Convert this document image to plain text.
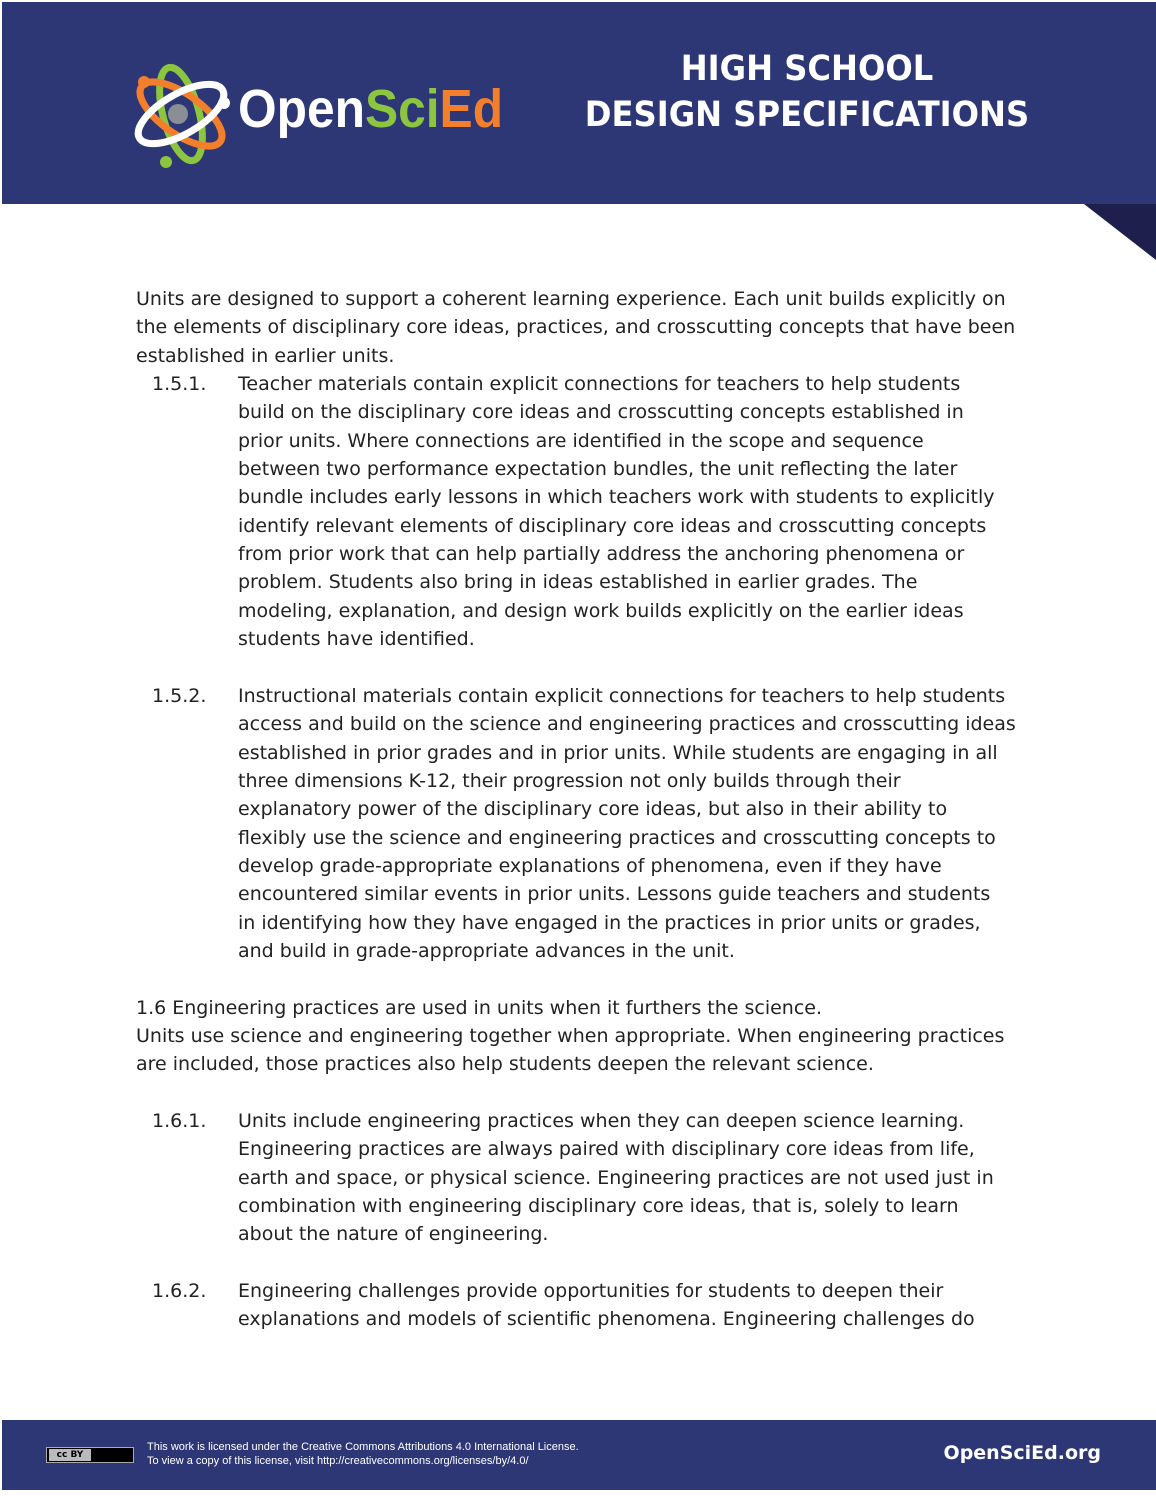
OpenSciEd
HIGH SCHOOL
DESIGN SPECIFICATIONS
Units are designed to support a coherent learning experience. Each unit builds explicitly on
the elements of disciplinary core ideas, practices, and crosscutting concepts that have been
established in earlier units.
1.5.1.	Teacher materials contain explicit connections for teachers to help students
build on the disciplinary core ideas and crosscutting concepts established in
prior units. Where connections are identified in the scope and sequence
between two performance expectation bundles, the unit reflecting the later
bundle includes early lessons in which teachers work with students to explicitly
identify relevant elements of disciplinary core ideas and crosscutting concepts
from prior work that can help partially address the anchoring phenomena or
problem. Students also bring in ideas established in earlier grades. The
modeling, explanation, and design work builds explicitly on the earlier ideas
students have identified.
1.5.2.	Instructional materials contain explicit connections for teachers to help students
access and build on the science and engineering practices and crosscutting ideas
established in prior grades and in prior units. While students are engaging in all
three dimensions K-12, their progression not only builds through their
explanatory power of the disciplinary core ideas, but also in their ability to
flexibly use the science and engineering practices and crosscutting concepts to
develop grade-appropriate explanations of phenomena, even if they have
encountered similar events in prior units. Lessons guide teachers and students
in identifying how they have engaged in the practices in prior units or grades,
and build in grade-appropriate advances in the unit.
1.6 Engineering practices are used in units when it furthers the science.
Units use science and engineering together when appropriate. When engineering practices
are included, those practices also help students deepen the relevant science.
1.6.1.	Units include engineering practices when they can deepen science learning.
Engineering practices are always paired with disciplinary core ideas from life,
earth and space, or physical science. Engineering practices are not used just in
combination with engineering disciplinary core ideas, that is, solely to learn
about the nature of engineering.
1.6.2.	Engineering challenges provide opportunities for students to deepen their
explanations and models of scientific phenomena. Engineering challenges do
cc BY
This work is licensed under the Creative Commons Attributions 4.0 International License.
To view a copy of this license, visit http://creativecommons.org/licenses/by/4.0/	OpenSciEd.org
